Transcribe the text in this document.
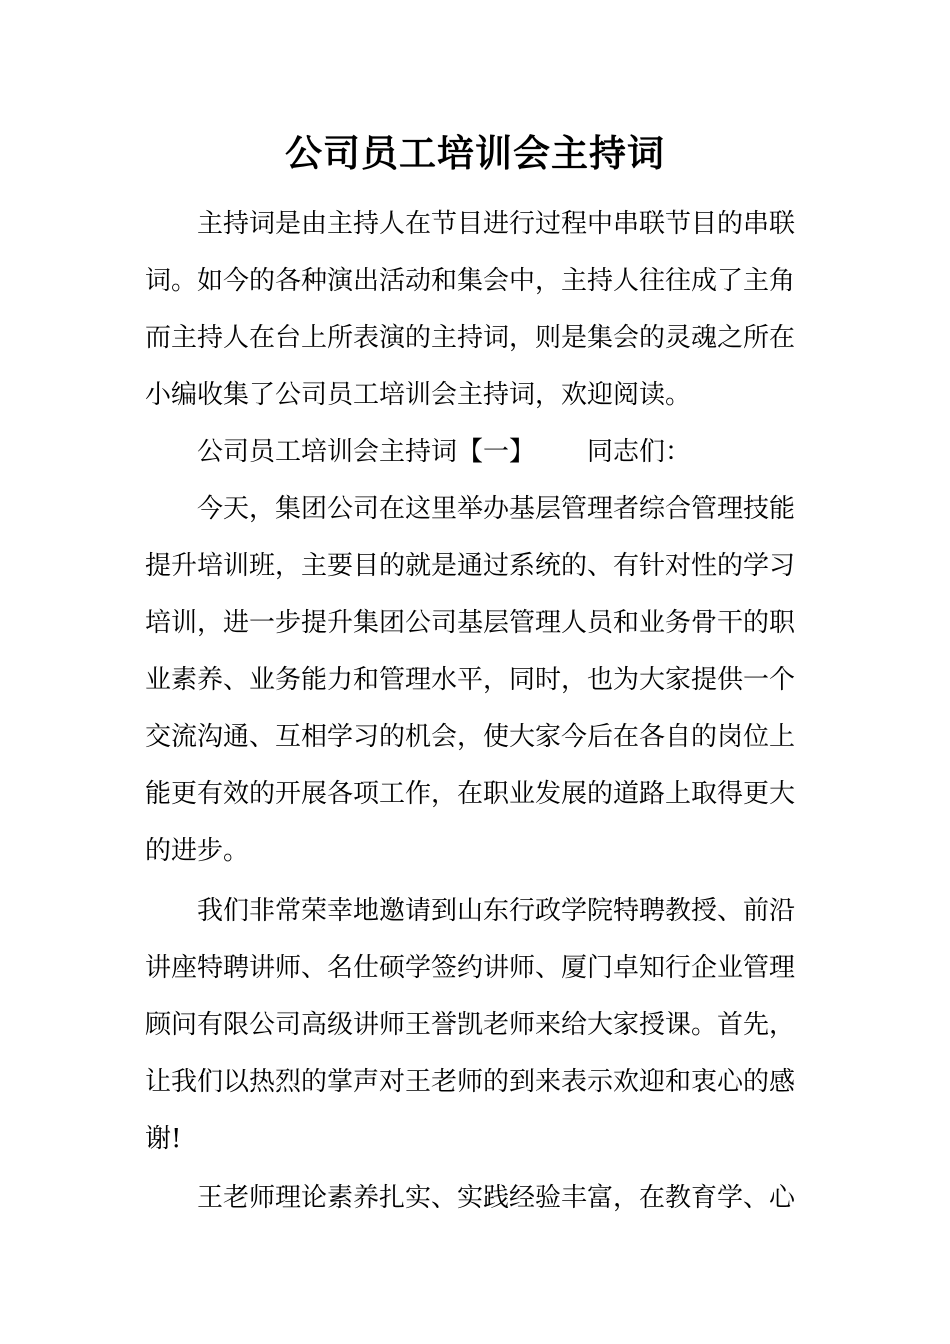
公司员工培训会主持词
主持词是由主持人在节目进行过程中串联节目的串联
词。如今的各种演出活动和集会中，主持人往往成了主角
而主持人在台上所表演的主持词，则是集会的灵魂之所在
小编收集了公司员工培训会主持词，欢迎阅读。
公司员工培训会主持词【一】 同志们：
今天，集团公司在这里举办基层管理者综合管理技能
提升培训班，主要目的就是通过系统的、有针对性的学习
培训，进一步提升集团公司基层管理人员和业务骨干的职
业素养、业务能力和管理水平，同时，也为大家提供一个
交流沟通、互相学习的机会，使大家今后在各自的岗位上
能更有效的开展各项工作，在职业发展的道路上取得更大
的进步。
我们非常荣幸地邀请到山东行政学院特聘教授、前沿
讲座特聘讲师、名仕硕学签约讲师、厦门卓知行企业管理
顾问有限公司高级讲师王誉凯老师来给大家授课。首先，
让我们以热烈的掌声对王老师的到来表示欢迎和衷心的感
谢!
王老师理论素养扎实、实践经验丰富，在教育学、心
